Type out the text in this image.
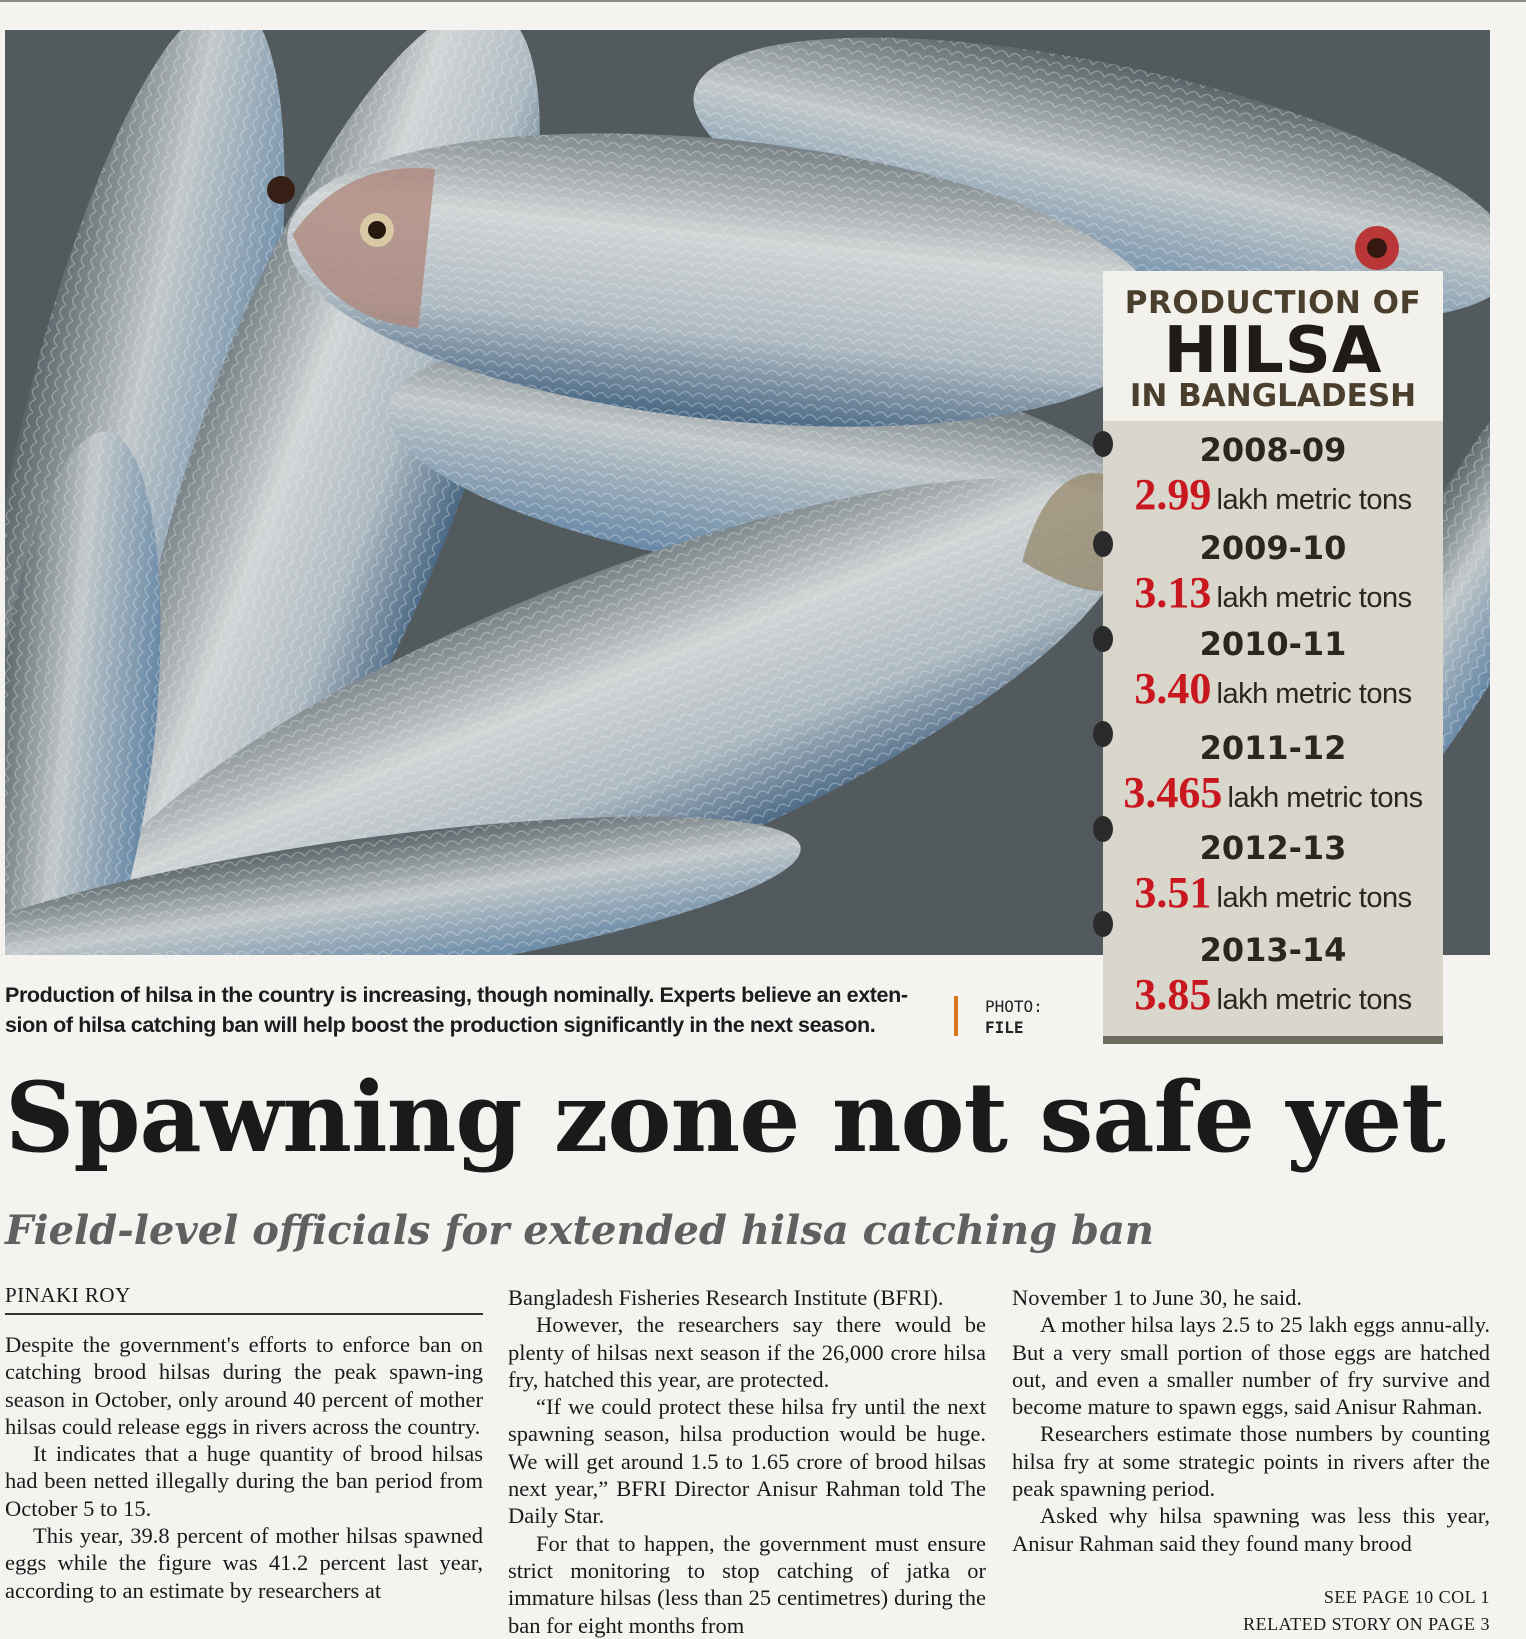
PRODUCTION OF
HILSA
IN BANGLADESH
2008-09
2.99 lakh metric tons
2009-10
3.13 lakh metric tons
2010-11
3.40 lakh metric tons
2011-12
3.465 lakh metric tons
2012-13
3.51 lakh metric tons
2013-14
3.85 lakh metric tons
Production of hilsa in the country is increasing, though nominally. Experts believe an exten-sion of hilsa catching ban will help boost the production significantly in the next season.
PHOTO:
FILE
Spawning zone not safe yet
Field-level officials for extended hilsa catching ban
PINAKI ROY

Despite the government's efforts to enforce ban on catching brood hilsas during the peak spawn-ing season in October, only around 40 percent of mother hilsas could release eggs in rivers across the country.

It indicates that a huge quantity of brood hilsas had been netted illegally during the ban period from October 5 to 15.

This year, 39.8 percent of mother hilsas spawned eggs while the figure was 41.2 percent last year, according to an estimate by researchers at

Bangladesh Fisheries Research Institute (BFRI).

However, the researchers say there would be plenty of hilsas next season if the 26,000 crore hilsa fry, hatched this year, are protected.

“If we could protect these hilsa fry until the next spawning season, hilsa production would be huge. We will get around 1.5 to 1.65 crore of brood hilsas next year,” BFRI Director Anisur Rahman told The Daily Star.

For that to happen, the government must ensure strict monitoring to stop catching of jatka or immature hilsas (less than 25 centimetres) during the ban for eight months from

November 1 to June 30, he said.

A mother hilsa lays 2.5 to 25 lakh eggs annu-ally. But a very small portion of those eggs are hatched out, and even a smaller number of fry survive and become mature to spawn eggs, said Anisur Rahman.

Researchers estimate those numbers by counting hilsa fry at some strategic points in rivers after the peak spawning period.

Asked why hilsa spawning was less this year, Anisur Rahman said they found many brood

SEE PAGE 10 COL 1
RELATED STORY ON PAGE 3
